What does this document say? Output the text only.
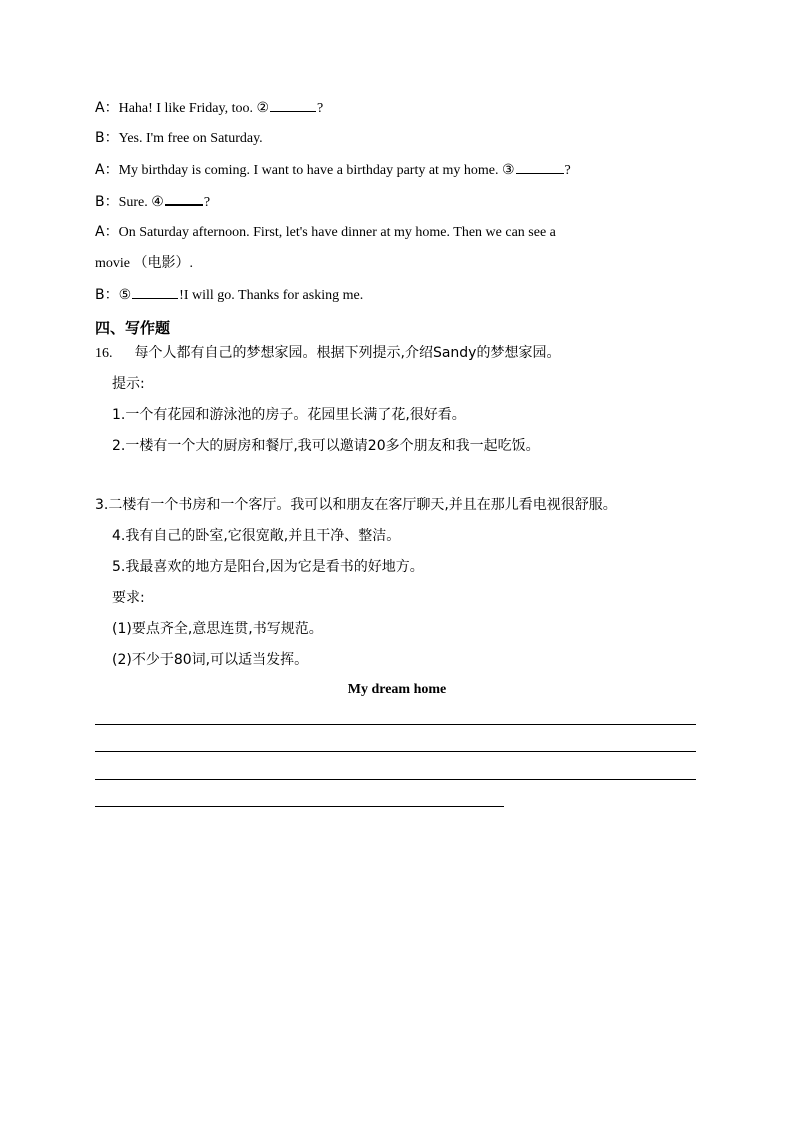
A：Haha! I like Friday, too. ②	?
B：Yes. I'm free on Saturday.
A：My birthday is coming. I want to have a birthday party at my home. ③	?
B：Sure. ④	?
A：On Saturday afternoon. First, let's have dinner at my home. Then we can see a
movie （电影）.
B：⑤	!I will go. Thanks for asking me.
四、写作题
16. 每个人都有自己的梦想家园。根据下列提示,介绍Sandy的梦想家园。
提示:
1.一个有花园和游泳池的房子。花园里长满了花,很好看。
2.一楼有一个大的厨房和餐厅,我可以邀请20多个朋友和我一起吃饭。
3.二楼有一个书房和一个客厅。我可以和朋友在客厅聊天,并且在那儿看电视很舒服。
4.我有自己的卧室,它很宽敞,并且干净、整洁。
5.我最喜欢的地方是阳台,因为它是看书的好地方。
要求:
(1)要点齐全,意思连贯,书写规范。
(2)不少于80词,可以适当发挥。
My dream home
